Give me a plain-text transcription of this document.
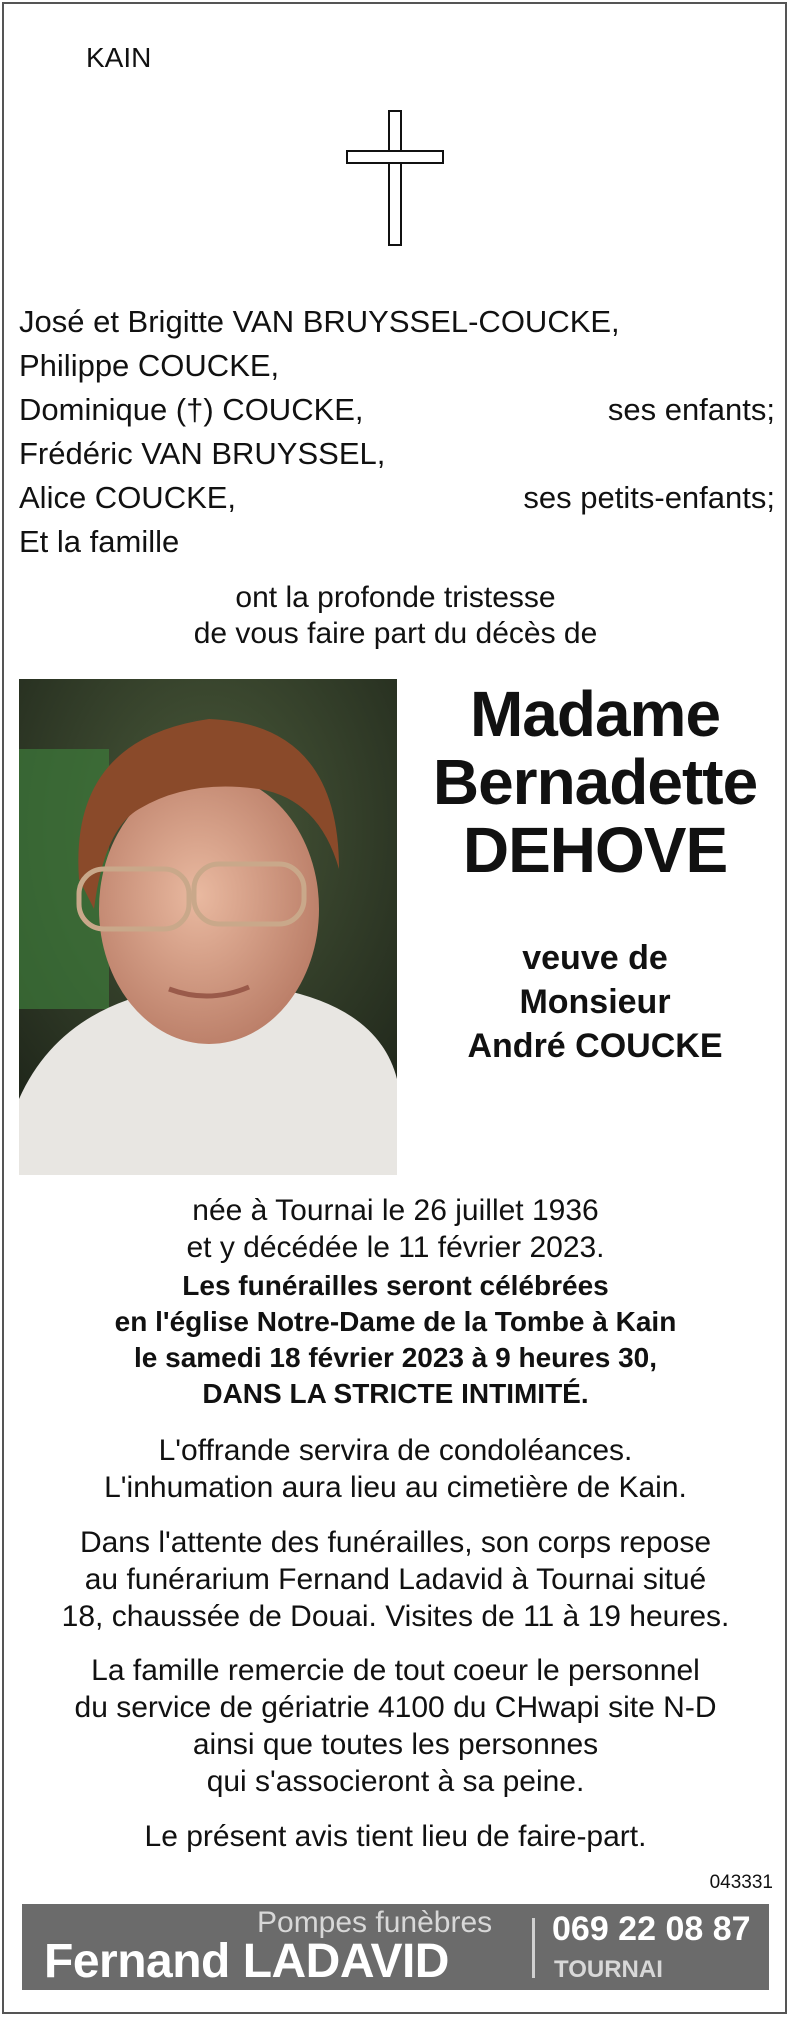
KAIN
José et Brigitte VAN BRUYSSEL-COUCKE,
Philippe COUCKE,
Dominique (†) COUCKE,	ses enfants;
Frédéric VAN BRUYSSEL,
Alice COUCKE,	ses petits-enfants;
Et la famille
ont la profonde tristesse
de vous faire part du décès de
Madame
Bernadette
DEHOVE
veuve de
Monsieur
André COUCKE
née à Tournai le 26 juillet 1936
et y décédée le 11 février 2023.
Les funérailles seront célébrées
en l'église Notre-Dame de la Tombe à Kain
le samedi 18 février 2023 à 9 heures 30,
DANS LA STRICTE INTIMITÉ.
L'offrande servira de condoléances.
L'inhumation aura lieu au cimetière de Kain.
Dans l'attente des funérailles, son corps repose
au funérarium Fernand Ladavid à Tournai situé
18, chaussée de Douai. Visites de 11 à 19 heures.
La famille remercie de tout coeur le personnel
du service de gériatrie 4100 du CHwapi site N-D
ainsi que toutes les personnes
qui s'associeront à sa peine.
Le présent avis tient lieu de faire-part.
043331
Pompes funèbres
Fernand LADAVID
069 22 08 87
TOURNAI
